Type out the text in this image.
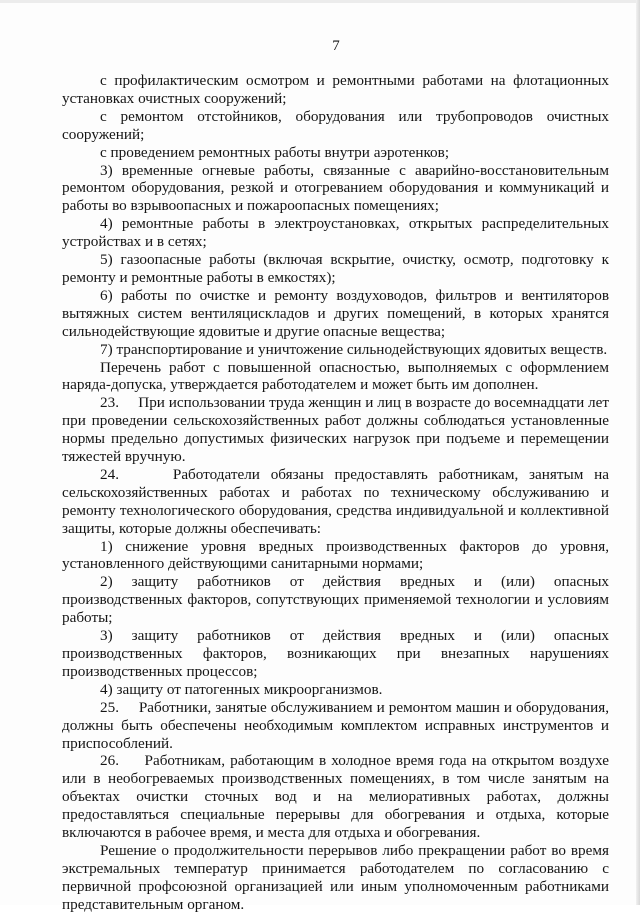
7

с профилактическим осмотром и ремонтными работами на флотационных установках очистных сооружений;

с ремонтом отстойников, оборудования или трубопроводов очистных сооружений;

с проведением ремонтных работы внутри аэротенков;

3) временные огневые работы, связанные с аварийно-восстановительным ремонтом оборудования, резкой и отогреванием оборудования и коммуникаций и работы во взрывоопасных и пожароопасных помещениях;

4) ремонтные работы в электроустановках, открытых распределительных устройствах и в сетях;

5) газоопасные работы (включая вскрытие, очистку, осмотр, подготовку к ремонту и ремонтные работы в емкостях);

6) работы по очистке и ремонту воздуховодов, фильтров и вентиляторов вытяжных систем вентиляцискладов и других помещений, в которых хранятся сильнодействующие ядовитые и другие опасные вещества;

7) транспортирование и уничтожение сильнодействующих ядовитых веществ.

Перечень работ с повышенной опасностью, выполняемых с оформлением наряда-допуска, утверждается работодателем и может быть им дополнен.

23.     При использовании труда женщин и лиц в возрасте до восемнадцати лет при проведении сельскохозяйственных работ должны соблюдаться установленные нормы предельно допустимых физических нагрузок при подъеме и перемещении тяжестей вручную.

24.     Работодатели обязаны предоставлять работникам, занятым на сельскохозяйственных работах и работах по техническому обслуживанию и ремонту технологического оборудования, средства индивидуальной и коллективной защиты, которые должны обеспечивать:

1) снижение уровня вредных производственных факторов до уровня, установленного действующими санитарными нормами;

2) защиту работников от действия вредных и (или) опасных производственных факторов, сопутствующих применяемой технологии и условиям работы;

3) защиту работников от действия вредных и (или) опасных производственных факторов, возникающих при внезапных нарушениях производственных процессов;

4) защиту от патогенных микроорганизмов.

25.     Работники, занятые обслуживанием и ремонтом машин и оборудования, должны быть обеспечены необходимым комплектом исправных инструментов и приспособлений.

26.     Работникам, работающим в холодное время года на открытом воздухе или в необогреваемых производственных помещениях, в том числе занятым на объектах очистки сточных вод и на мелиоративных работах, должны предоставляться специальные перерывы для обогревания и отдыха, которые включаются в рабочее время, и места для отдыха и обогревания.

Решение о продолжительности перерывов либо прекращении работ во время экстремальных температур принимается работодателем по согласованию с первичной профсоюзной организацией или иным уполномоченным работниками представительным органом.
